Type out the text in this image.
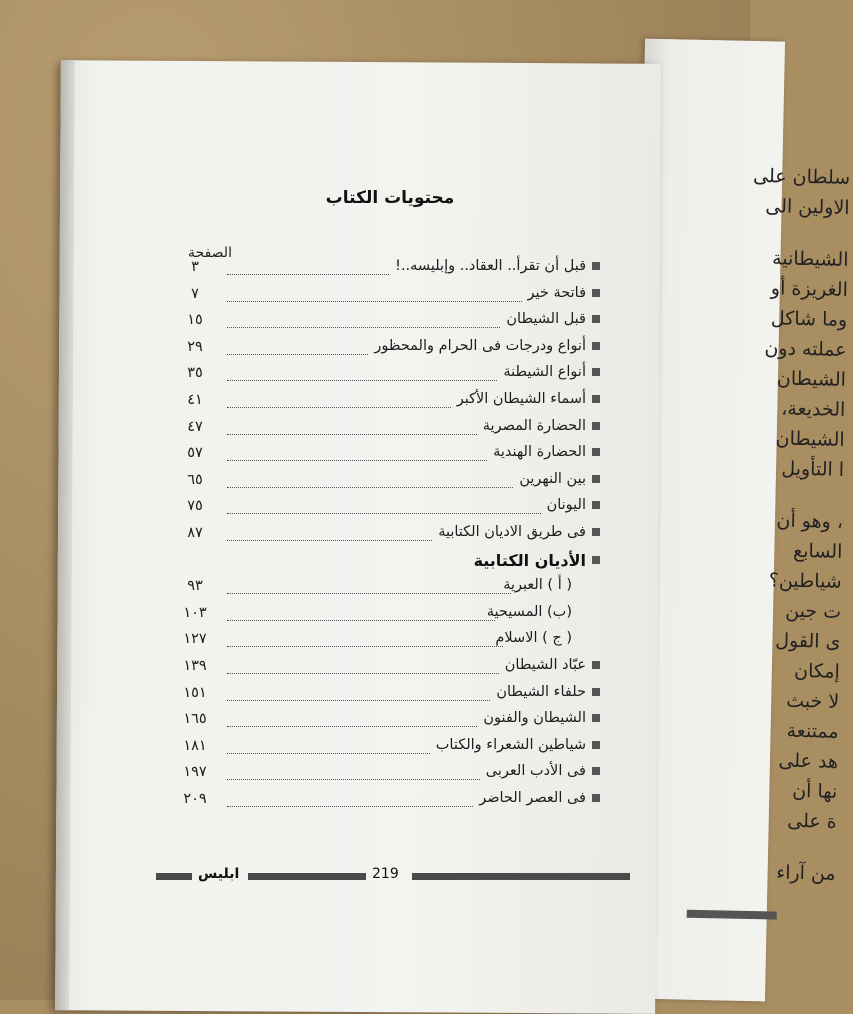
سلطان على
الاولين الى
الشيطانية
الغريزة أو
وما شاكل
عملته دون
الشيطان
الخديعة،
الشيطان
ا التأويل
، وهو أن
السابع
شياطين؟
ت جين
ى القول
إمكان
لا خبث
ممتنعة
هد على
نها أن
ة على
من آراء
محتويات الكتاب
الصفحة
قبل أن تقرأ.. العقاد.. وإبليسه..!
٣
فاتحة خير
٧
قبل الشيطان
١٥
أنواع ودرجات فى الحرام والمحظور
٢٩
أنواع الشيطنة
٣٥
أسماء الشيطان الأكبر
٤١
الحضارة المصرية
٤٧
الحضارة الهندية
٥٧
بين النهرين
٦٥
اليونان
٧٥
فى طريق الاديان الكتابية
٨٧
الأديان الكتابية
( أ ) العبرية
٩٣
(ب) المسيحية
١٠٣
( ج ) الاسلام
١٢٧
عبّاد الشيطان
١٣٩
حلفاء الشيطان
١٥١
الشيطان والفنون
١٦٥
شياطين الشعراء والكتاب
١٨١
فى الأدب العربى
١٩٧
فى العصر الحاضر
٢٠٩
ابليس	219
